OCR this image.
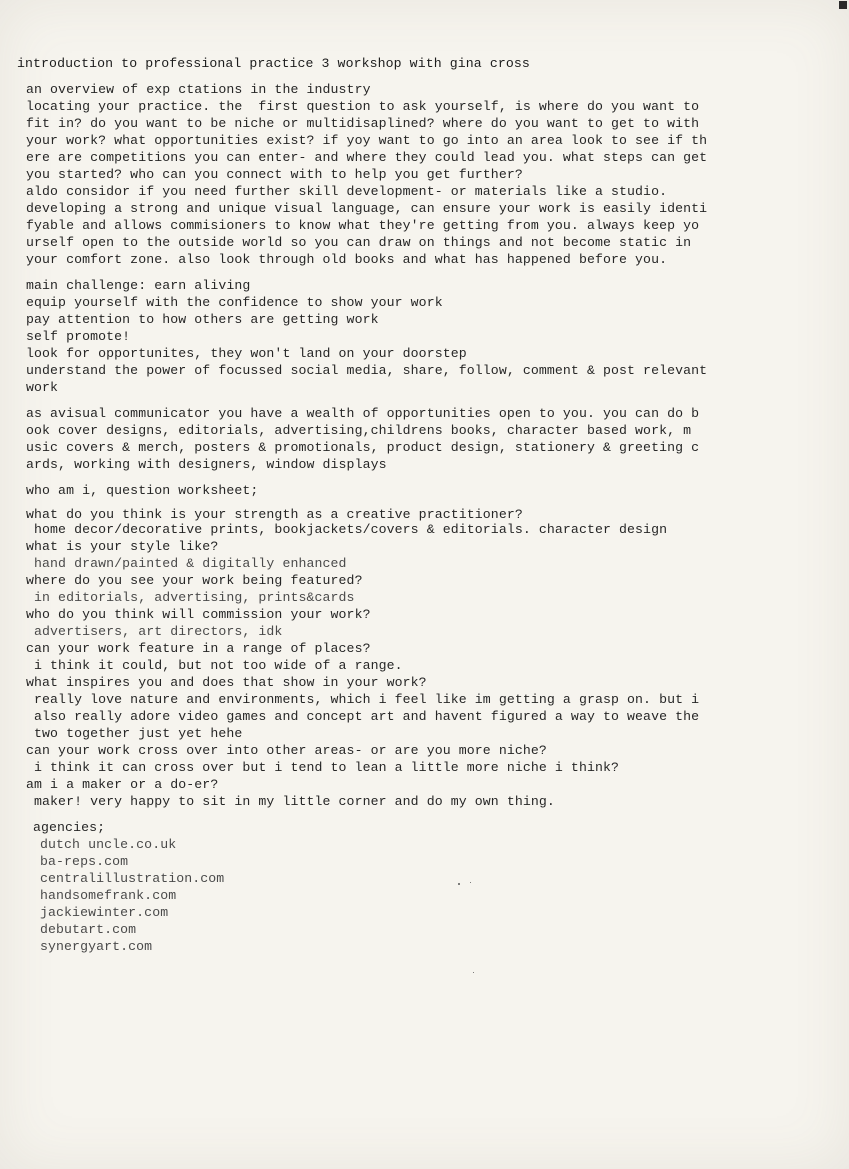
introduction to professional practice 3 workshop with gina cross
an overview of exp ctations in the industry
locating your practice. the  first question to ask yourself, is where do you want to
fit in? do you want to be niche or multidisaplined? where do you want to get to with
your work? what opportunities exist? if yoy want to go into an area look to see if th
ere are competitions you can enter- and where they could lead you. what steps can get
you started? who can you connect with to help you get further?
aldo considor if you need further skill development- or materials like a studio.
developing a strong and unique visual language, can ensure your work is easily identi
fyable and allows commisioners to know what they're getting from you. always keep yo
urself open to the outside world so you can draw on things and not become static in
your comfort zone. also look through old books and what has happened before you.
main challenge: earn aliving
equip yourself with the confidence to show your work
pay attention to how others are getting work
self promote!
look for opportunites, they won't land on your doorstep
understand the power of focussed social media, share, follow, comment & post relevant
work
as avisual communicator you have a wealth of opportunities open to you. you can do b
ook cover designs, editorials, advertising,childrens books, character based work, m
usic covers & merch, posters & promotionals, product design, stationery & greeting c
ards, working with designers, window displays
who am i, question worksheet;
what do you think is your strength as a creative practitioner?
home decor/decorative prints, bookjackets/covers & editorials. character design
what is your style like?
hand drawn/painted & digitally enhanced
where do you see your work being featured?
in editorials, advertising, prints&cards
who do you think will commission your work?
advertisers, art directors, idk
can your work feature in a range of places?
i think it could, but not too wide of a range.
what inspires you and does that show in your work?
really love nature and environments, which i feel like im getting a grasp on. but i
also really adore video games and concept art and havent figured a way to weave the
two together just yet hehe
can your work cross over into other areas- or are you more niche?
i think it can cross over but i tend to lean a little more niche i think?
am i a maker or a do-er?
maker! very happy to sit in my little corner and do my own thing.
agencies;
dutch uncle.co.uk
ba-reps.com
centralillustration.com
handsomefrank.com
jackiewinter.com
debutart.com
synergyart.com
